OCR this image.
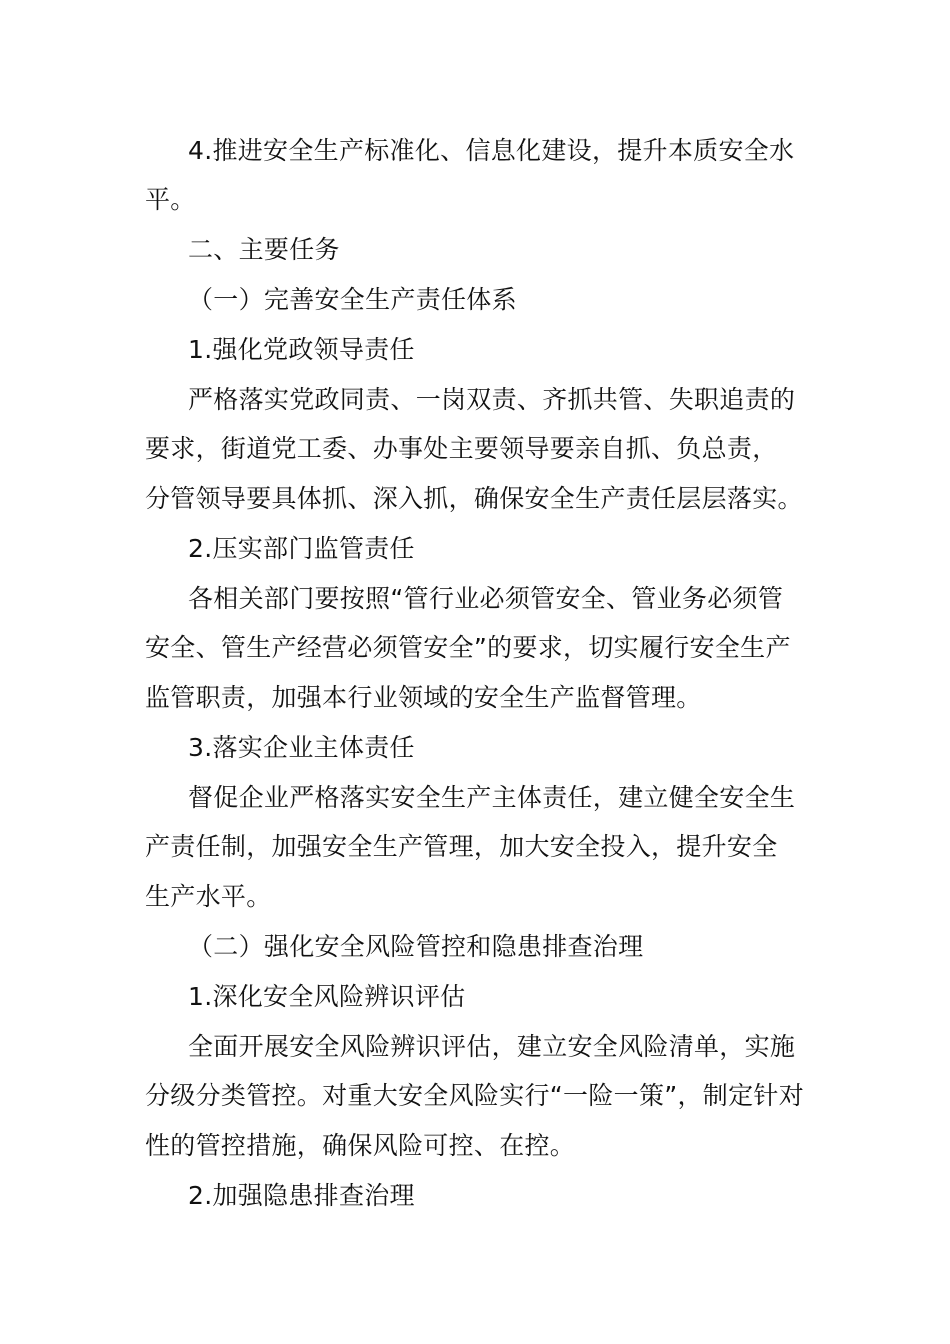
4.推进安全生产标准化、信息化建设，提升本质安全水
平。
二、主要任务
（一）完善安全生产责任体系
1.强化党政领导责任
严格落实党政同责、一岗双责、齐抓共管、失职追责的
要求，街道党工委、办事处主要领导要亲自抓、负总责，
分管领导要具体抓、深入抓，确保安全生产责任层层落实。
2.压实部门监管责任
各相关部门要按照“管行业必须管安全、管业务必须管
安全、管生产经营必须管安全”的要求，切实履行安全生产
监管职责，加强本行业领域的安全生产监督管理。
3.落实企业主体责任
督促企业严格落实安全生产主体责任，建立健全安全生
产责任制，加强安全生产管理，加大安全投入，提升安全
生产水平。
（二）强化安全风险管控和隐患排查治理
1.深化安全风险辨识评估
全面开展安全风险辨识评估，建立安全风险清单，实施
分级分类管控。对重大安全风险实行“一险一策”，制定针对
性的管控措施，确保风险可控、在控。
2.加强隐患排查治理
